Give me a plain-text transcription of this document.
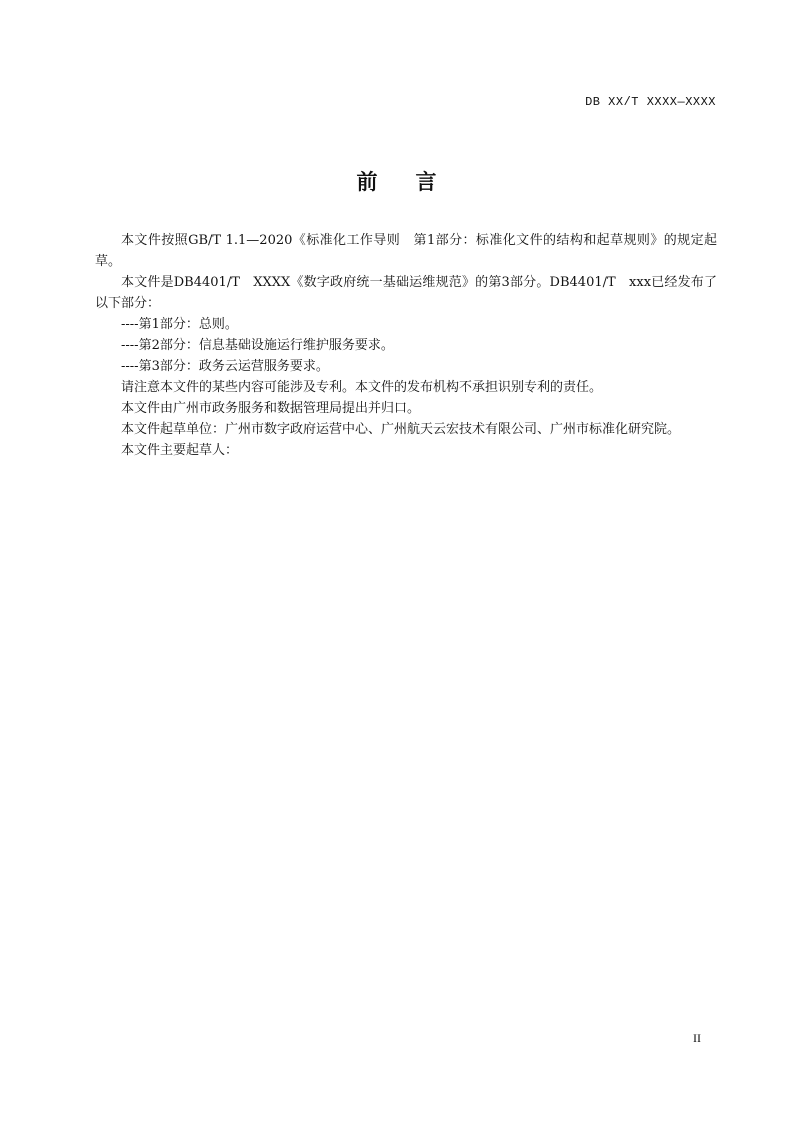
DB XX/T XXXX—XXXX
前言

本文件按照GB/T 1.1—2020《标准化工作导则　第1部分：标准化文件的结构和起草规则》的规定起草。

本文件是DB4401/T　XXXX《数字政府统一基础运维规范》的第3部分。DB4401/T　xxx已经发布了以下部分：

----第1部分：总则。

----第2部分：信息基础设施运行维护服务要求。

----第3部分：政务云运营服务要求。

请注意本文件的某些内容可能涉及专利。本文件的发布机构不承担识别专利的责任。

本文件由广州市政务服务和数据管理局提出并归口。

本文件起草单位：广州市数字政府运营中心、广州航天云宏技术有限公司、广州市标准化研究院。

本文件主要起草人：

II
